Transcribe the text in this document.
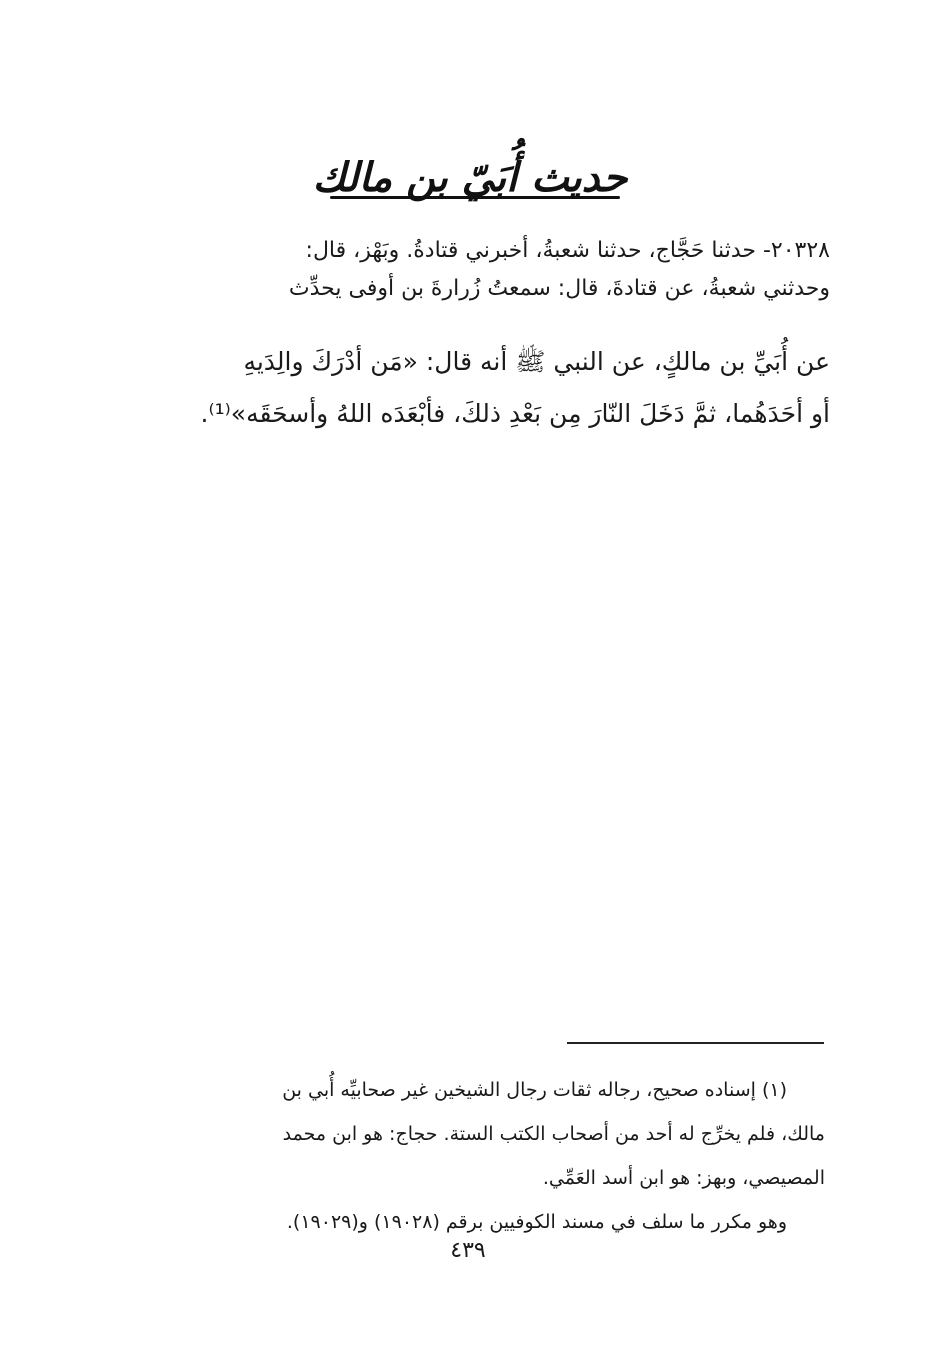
حديث أُبَيّ بن مالك

٢٠٣٢٨- حدثنا حَجَّاج، حدثنا شعبةُ، أخبرني قتادةُ. وبَهْز، قال:

وحدثني شعبةُ، عن قتادةَ، قال: سمعتُ زُرارةَ بن أوفى يحدِّث

عن أُبَيِّ بن مالكٍ، عن النبي ﷺ أنه قال: «مَن أدْرَكَ والِدَيهِ

أو أحَدَهُما، ثمَّ دَخَلَ النّارَ مِن بَعْدِ ذلكَ، فأبْعَدَه اللهُ وأسحَقَه»⁽¹⁾.

(١) إسناده صحيح، رجاله ثقات رجال الشيخين غير صحابيِّه أُبي بن

مالك، فلم يخرِّج له أحد من أصحاب الكتب الستة. حجاج: هو ابن محمد

المصيصي، وبهز: هو ابن أسد العَمِّي.

وهو مكرر ما سلف في مسند الكوفيين برقم (١٩٠٢٨) و(١٩٠٢٩).

٤٣٩
